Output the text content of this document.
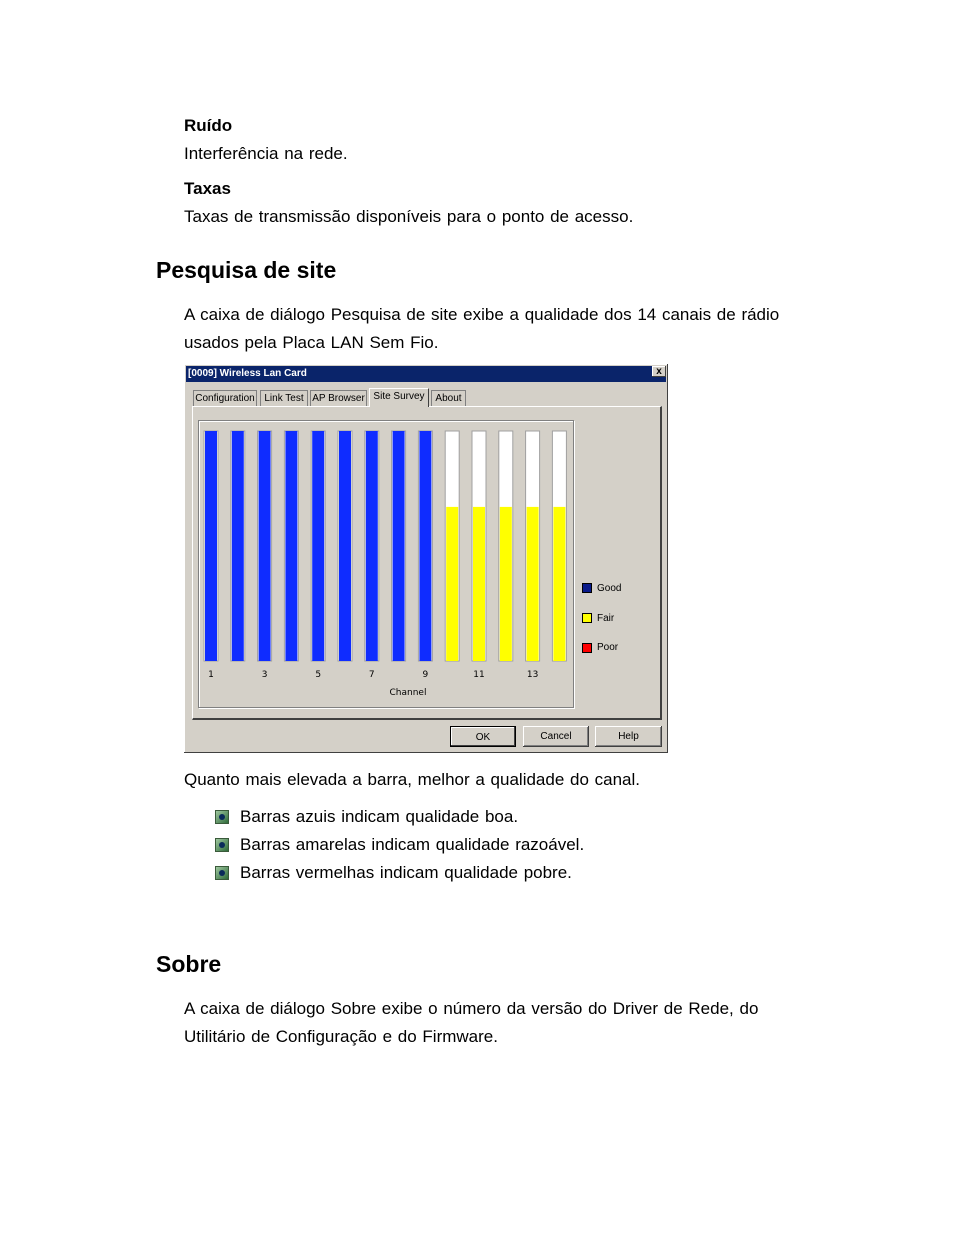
Ruído
Interferência na rede.
Taxas
Taxas de transmissão disponíveis para o ponto de acesso.
Pesquisa de site
A caixa de diálogo Pesquisa de site exibe a qualidade dos 14 canais de rádio
usados pela Placa LAN Sem Fio.
[0009] Wireless Lan Card	x
Configuration Link Test AP Browser Site Survey	About
1	3	5	7	9	11	13
Channel
Good
Fair
Poor
OK	Cancel	Help
Quanto mais elevada a barra, melhor a qualidade do canal.
Barras azuis indicam qualidade boa.
Barras amarelas indicam qualidade razoável.
Barras vermelhas indicam qualidade pobre.
Sobre
A caixa de diálogo Sobre exibe o número da versão do Driver de Rede, do
Utilitário de Configuração e do Firmware.
